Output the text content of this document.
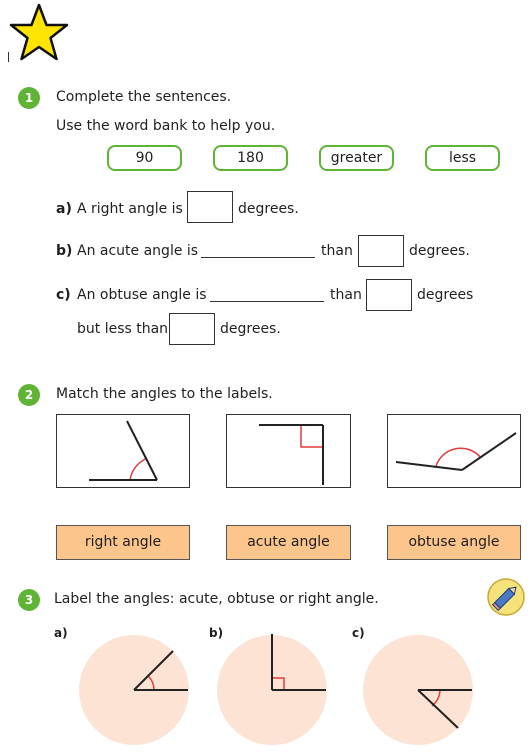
1	Complete the sentences.
Use the word bank to help you.
90	180	greater	less
a) A right angle is	degrees.
b) An acute angle is	than	degrees.
c) An obtuse angle is	than	degrees
but less than	degrees.
2	Match the angles to the labels.
right angle	acute angle	obtuse angle
3	Label the angles: acute, obtuse or right angle.
a)	b)	c)
